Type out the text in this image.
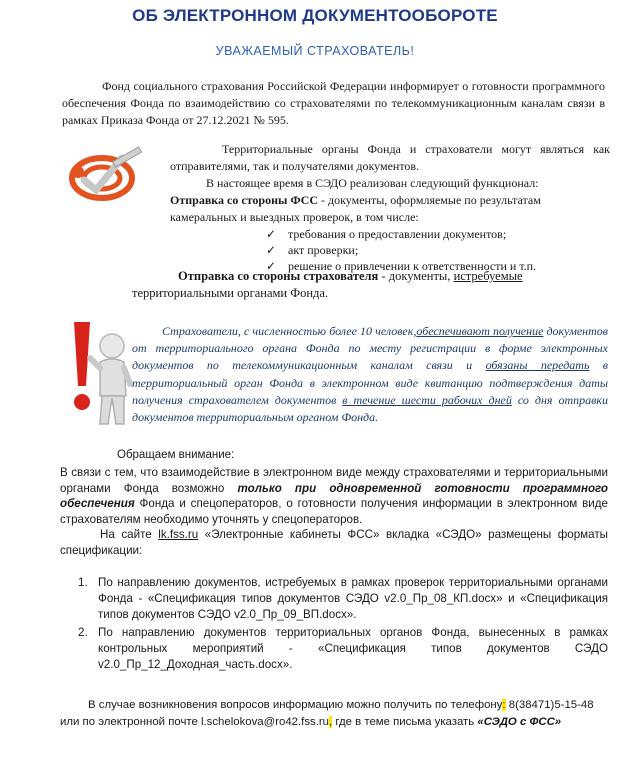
ОБ ЭЛЕКТРОННОМ ДОКУМЕНТООБОРОТЕ
УВАЖАЕМЫЙ СТРАХОВАТЕЛЬ!
Фонд социального страхования Российской Федерации информирует о готовности программного обеспечения Фонда по взаимодействию со страхователями по телекоммуникационным каналам связи в рамках Приказа Фонда от 27.12.2021 № 595.
Территориальные органы Фонда и страхователи могут являться как отправителями, так и получателями документов.
В настоящее время в СЭДО реализован следующий функционал:
Отправка со стороны ФСС - документы, оформляемые по результатам камеральных и выездных проверок, в том числе:
✓ требования о предоставлении документов;
✓ акт проверки;
✓ решение о привлечении к ответственности и т.п.
Отправка со стороны страхователя - документы, истребуемые территориальными органами Фонда.
Страхователи, с численностью более 10 человек,обеспечивают получение документов от территориального органа Фонда по месту регистрации в форме электронных документов по телекоммуникационным каналам связи и обязаны передать в территориальный орган Фонда в электронном виде квитанцию подтверждения даты получения страхователем документов в течение шести рабочих дней со дня отправки документов территориальным органом Фонда.
Обращаем внимание:
В связи с тем, что взаимодействие в электронном виде между страхователями и территориальными органами Фонда возможно только при одновременной готовности программного обеспечения Фонда и спецоператоров, о готовности получения информации в электронном виде страхователям необходимо уточнять у спецоператоров.
На сайте lk.fss.ru «Электронные кабинеты ФСС» вкладка «СЭДО» размещены форматы спецификации:
1. По направлению документов, истребуемых в рамках проверок территориальными органами Фонда - «Спецификация типов документов СЭДО v2.0_Пр_08_КП.docx» и «Спецификация типов документов СЭДО v2.0_Пр_09_ВП.docx».
2. По направлению документов территориальных органов Фонда, вынесенных в рамках контрольных мероприятий - «Спецификация типов документов СЭДО v2.0_Пр_12_Доходная_часть.docx».
В случае возникновения вопросов информацию можно получить по телефону: 8(38471)5-15-48 или по электронной почте l.schelokova@ro42.fss.ru, где в теме письма указать «СЭДО с ФСС»
